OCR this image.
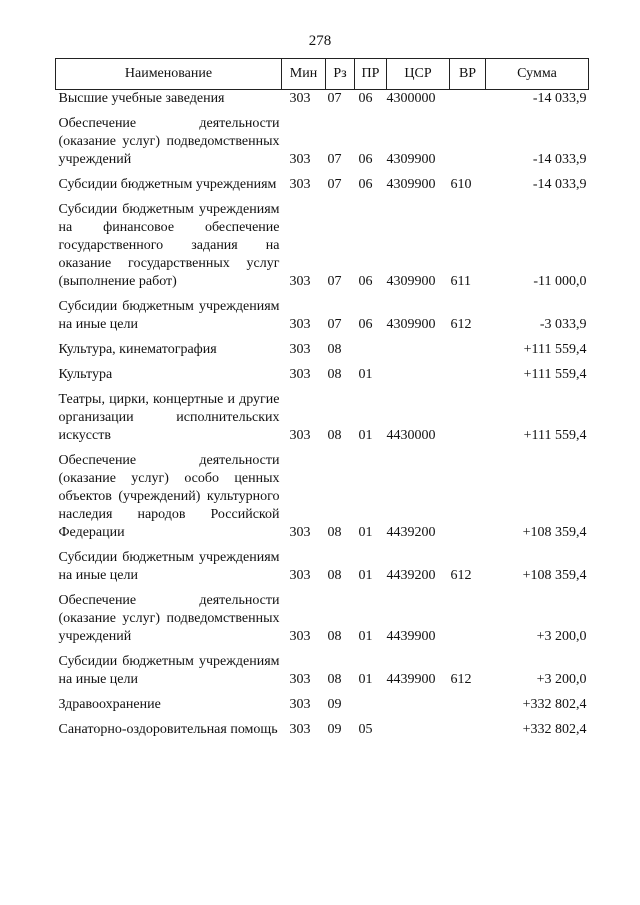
278
Наименование	Мин	Рз	ПР	ЦСР	ВР	Сумма
Высшие учебные заведения	303	07	06	4300000		-14 033,9

Обеспечение деятельности (оказание услуг) подведомственных учреждений	303	07	06	4309900		-14 033,9

Субсидии бюджетным учреждениям	303	07	06	4309900	610	-14 033,9

Субсидии бюджетным учреждениям на финансовое обеспечение государственного задания на оказание государственных услуг (выполнение работ)	303	07	06	4309900	611	-11 000,0

Субсидии бюджетным учреждениям на иные цели	303	07	06	4309900	612	-3 033,9

Культура, кинематография	303	08				+111 559,4

Культура	303	08	01			+111 559,4

Театры, цирки, концертные и другие организации исполнительских искусств	303	08	01	4430000		+111 559,4

Обеспечение деятельности (оказание услуг) особо ценных объектов (учреждений) культурного наследия народов Российской Федерации	303	08	01	4439200		+108 359,4

Субсидии бюджетным учреждениям на иные цели	303	08	01	4439200	612	+108 359,4

Обеспечение деятельности (оказание услуг) подведомственных учреждений	303	08	01	4439900		+3 200,0

Субсидии бюджетным учреждениям на иные цели	303	08	01	4439900	612	+3 200,0

Здравоохранение	303	09				+332 802,4

Санаторно-оздоровительная помощь	303	09	05			+332 802,4
